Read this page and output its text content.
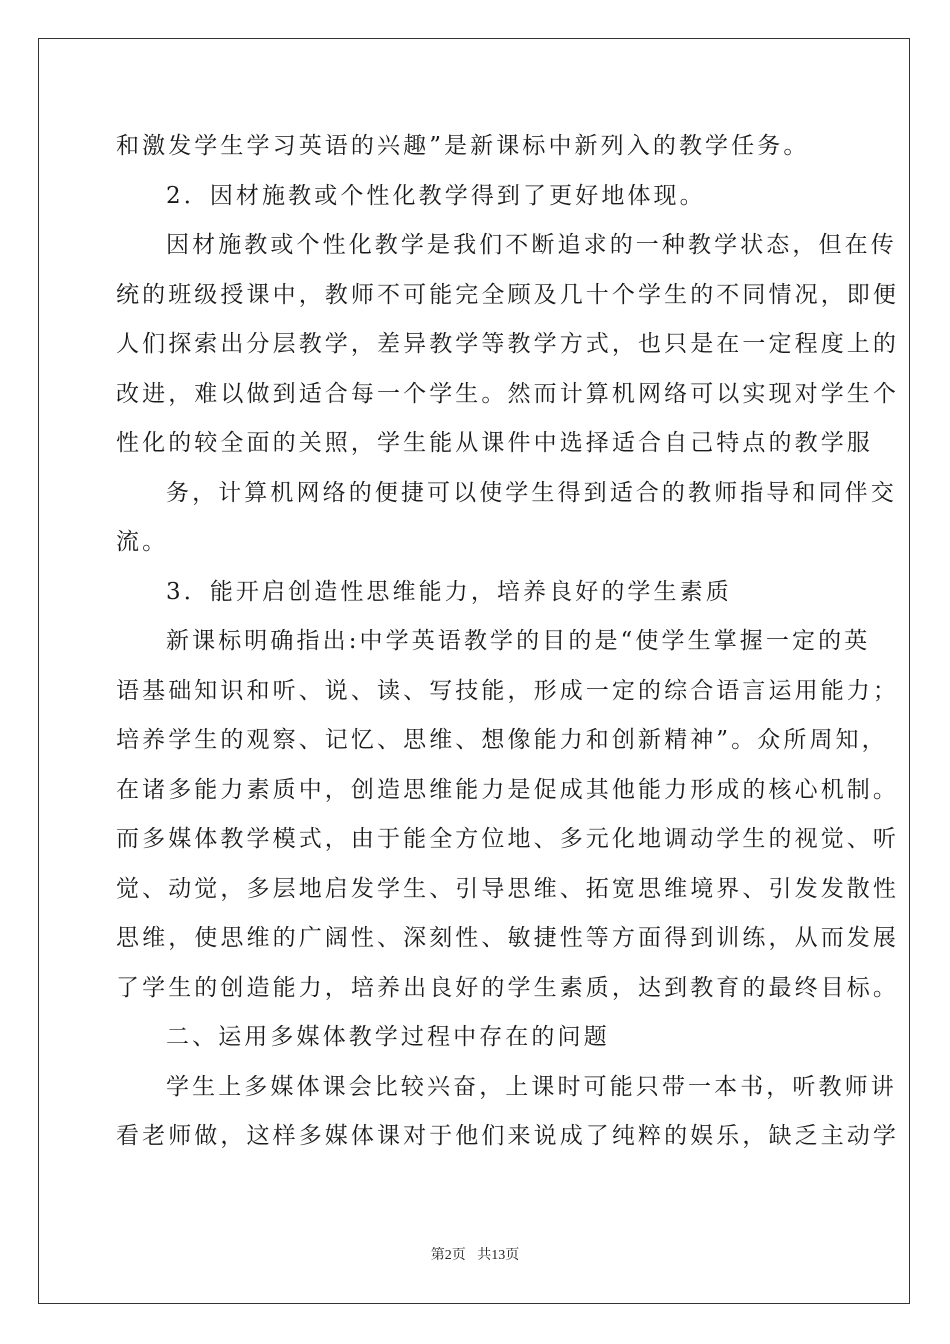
和激发学生学习英语的兴趣”是新课标中新列入的教学任务。
2．因材施教或个性化教学得到了更好地体现。
因材施教或个性化教学是我们不断追求的一种教学状态，但在传
统的班级授课中，教师不可能完全顾及几十个学生的不同情况，即便
人们探索出分层教学，差异教学等教学方式，也只是在一定程度上的
改进，难以做到适合每一个学生。然而计算机网络可以实现对学生个
性化的较全面的关照，学生能从课件中选择适合自己特点的教学服
务，计算机网络的便捷可以使学生得到适合的教师指导和同伴交
流。
3．能开启创造性思维能力，培养良好的学生素质
新课标明确指出:中学英语教学的目的是“使学生掌握一定的英
语基础知识和听、说、读、写技能，形成一定的综合语言运用能力；
培养学生的观察、记忆、思维、想像能力和创新精神”。众所周知，
在诸多能力素质中，创造思维能力是促成其他能力形成的核心机制。
而多媒体教学模式，由于能全方位地、多元化地调动学生的视觉、听
觉、动觉，多层地启发学生、引导思维、拓宽思维境界、引发发散性
思维，使思维的广阔性、深刻性、敏捷性等方面得到训练，从而发展
了学生的创造能力，培养出良好的学生素质，达到教育的最终目标。
二、运用多媒体教学过程中存在的问题
学生上多媒体课会比较兴奋，上课时可能只带一本书，听教师讲
看老师做，这样多媒体课对于他们来说成了纯粹的娱乐，缺乏主动学
第2页 共13页
